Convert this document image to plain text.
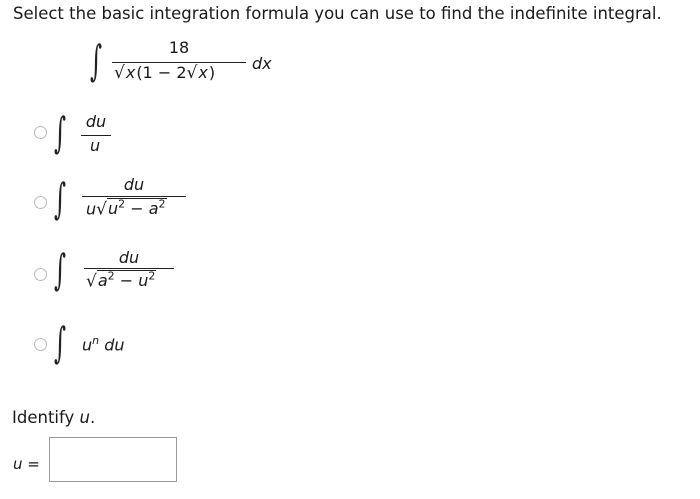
Select the basic integration formula you can use to find the indefinite integral.
∫	18
√x(1 − 2√x) dx
∫	du
u
∫	du
$u√u^2 - a^2$
∫	du
$√a^2 - u^2$
∫ $u^n$ du
Identify u.
u =
